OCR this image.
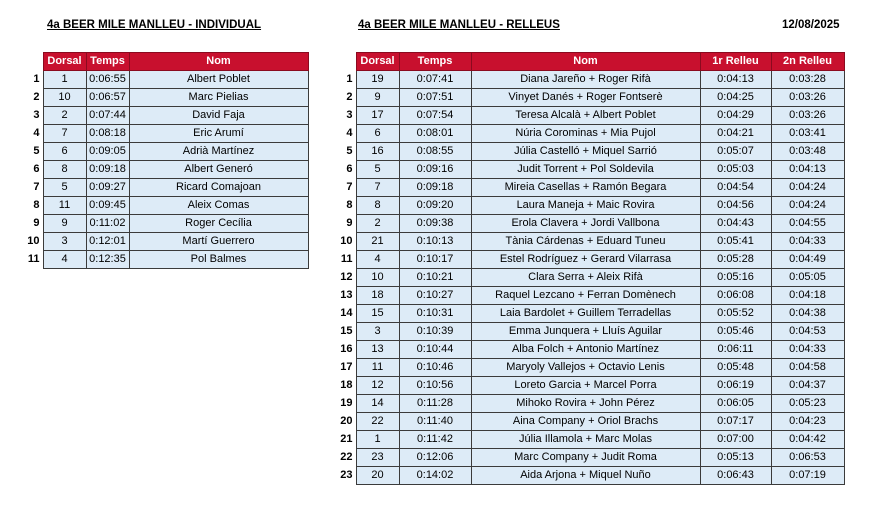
4a BEER MILE MANLLEU - INDIVIDUAL	4a BEER MILE MANLLEU - RELLEUS	12/08/2025
	Dorsal	Temps	Nom
1	1	0:06:55	Albert Poblet
2	10	0:06:57	Marc Pielias
3	2	0:07:44	David Faja
4	7	0:08:18	Eric Arumí
5	6	0:09:05	Adrià Martínez
6	8	0:09:18	Albert Generó
7	5	0:09:27	Ricard Comajoan
8	11	0:09:45	Aleix Comas
9	9	0:11:02	Roger Cecília
10	3	0:12:01	Martí Guerrero
11	4	0:12:35	Pol Balmes
	Dorsal	Temps	Nom	1r Relleu	2n Relleu
1	19	0:07:41	Diana Jareño + Roger Rifà	0:04:13	0:03:28
2	9	0:07:51	Vinyet Danés + Roger Fontserè	0:04:25	0:03:26
3	17	0:07:54	Teresa Alcalà + Albert Poblet	0:04:29	0:03:26
4	6	0:08:01	Núria Corominas + Mia Pujol	0:04:21	0:03:41
5	16	0:08:55	Júlia Castelló + Miquel Sarrió	0:05:07	0:03:48
6	5	0:09:16	Judit Torrent + Pol Soldevila	0:05:03	0:04:13
7	7	0:09:18	Mireia Casellas + Ramón Begara	0:04:54	0:04:24
8	8	0:09:20	Laura Maneja + Maic Rovira	0:04:56	0:04:24
9	2	0:09:38	Erola Clavera + Jordi Vallbona	0:04:43	0:04:55
10	21	0:10:13	Tània Cárdenas + Eduard Tuneu	0:05:41	0:04:33
11	4	0:10:17	Estel Rodríguez + Gerard Vilarrasa	0:05:28	0:04:49
12	10	0:10:21	Clara Serra + Aleix Rifà	0:05:16	0:05:05
13	18	0:10:27	Raquel Lezcano + Ferran Domènech	0:06:08	0:04:18
14	15	0:10:31	Laia Bardolet + Guillem Terradellas	0:05:52	0:04:38
15	3	0:10:39	Emma Junquera + Lluís Aguilar	0:05:46	0:04:53
16	13	0:10:44	Alba Folch + Antonio Martínez	0:06:11	0:04:33
17	11	0:10:46	Maryoly Vallejos + Octavio Lenis	0:05:48	0:04:58
18	12	0:10:56	Loreto Garcia + Marcel Porra	0:06:19	0:04:37
19	14	0:11:28	Mihoko Rovira + John Pérez	0:06:05	0:05:23
20	22	0:11:40	Aina Company + Oriol Brachs	0:07:17	0:04:23
21	1	0:11:42	Júlia Illamola + Marc Molas	0:07:00	0:04:42
22	23	0:12:06	Marc Company + Judit Roma	0:05:13	0:06:53
23	20	0:14:02	Aida Arjona + Miquel Nuño	0:06:43	0:07:19
